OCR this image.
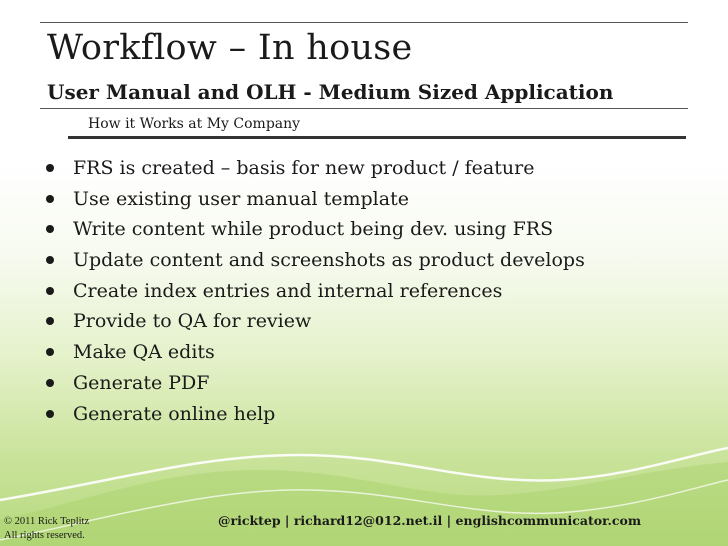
Workflow – In house
User Manual and OLH - Medium Sized Application
How it Works at My Company
FRS is created – basis for new product / feature
Use existing user manual template
Write content while product being dev. using FRS
Update content and screenshots as product develops
Create index entries and internal references
Provide to QA for review
Make QA edits
Generate PDF
Generate online help
@ricktep | richard12@012.net.il | englishcommunicator.com
© 2011 Rick Teplitz
All rights reserved.
